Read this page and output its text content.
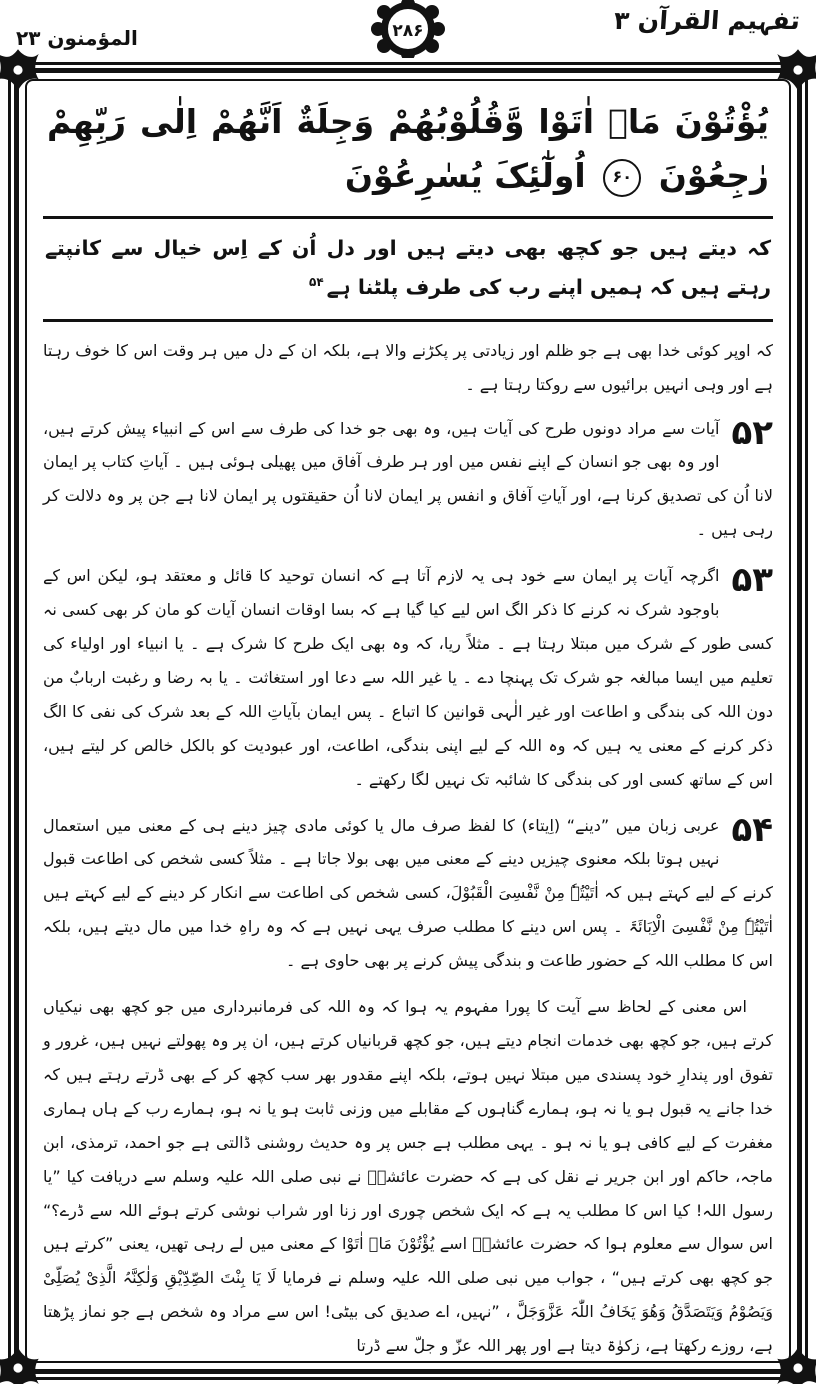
تفہیم القرآن ۳
۲۸۶
المؤمنون ۲۳
یُؤْتُوْنَ مَاۤ اٰتَوْا وَّقُلُوْبُهُمْ وَجِلَةٌ اَنَّهُمْ اِلٰی رَبِّهِمْ رٰجِعُوْنَ ۶۰ اُولٰٓئِکَ یُسٰرِعُوْنَ
کہ دیتے ہیں جو کچھ بھی دیتے ہیں اور دل اُن کے اِس خیال سے کانپتے رہتے ہیں کہ ہمیں اپنے رب کی طرف پلٹنا ہے$^{۵۴}$

کہ اوپر کوئی خدا بھی ہے جو ظلم اور زیادتی پر پکڑنے والا ہے، بلکہ ان کے دل میں ہر وقت اس کا خوف رہتا ہے اور وہی انہیں برائیوں سے روکتا رہتا ہے ۔

۵۲
آیات سے مراد دونوں طرح کی آیات ہیں، وہ بھی جو خدا کی طرف سے اس کے انبیاء پیش کرتے ہیں، اور وہ بھی جو انسان کے اپنے نفس میں اور ہر طرف آفاق میں پھیلی ہوئی ہیں ۔ آیاتِ کتاب پر ایمان لانا اُن کی تصدیق کرنا ہے، اور آیاتِ آفاق و انفس پر ایمان لانا اُن حقیقتوں پر ایمان لانا ہے جن پر وہ دلالت کر رہی ہیں ۔
۵۳
اگرچہ آیات پر ایمان سے خود ہی یہ لازم آتا ہے کہ انسان توحید کا قائل و معتقد ہو، لیکن اس کے باوجود شرک نہ کرنے کا ذکر الگ اس لیے کیا گیا ہے کہ بسا اوقات انسان آیات کو مان کر بھی کسی نہ کسی طور کے شرک میں مبتلا رہتا ہے ۔ مثلاً ریا، کہ وہ بھی ایک طرح کا شرک ہے ۔ یا انبیاء اور اولیاء کی تعلیم میں ایسا مبالغہ جو شرک تک پہنچا دے ۔ یا غیر اللہ سے دعا اور استغاثت ۔ یا بہ رضا و رغبت اربابٌ من دون اللہ کی بندگی و اطاعت اور غیر الٰہی قوانین کا اتباع ۔ پس ایمان بآیاتِ اللہ کے بعد شرک کی نفی کا الگ ذکر کرنے کے معنی یہ ہیں کہ وہ اللہ کے لیے اپنی بندگی، اطاعت، اور عبودیت کو بالکل خالص کر لیتے ہیں، اس کے ساتھ کسی اور کی بندگی کا شائبہ تک نہیں لگا رکھتے ۔
۵۴
عربی زبان میں ”دینے“ (اِیتاء) کا لفظ صرف مال یا کوئی مادی چیز دینے ہی کے معنی میں استعمال نہیں ہوتا بلکہ معنوی چیزیں دینے کے معنی میں بھی بولا جاتا ہے ۔ مثلاً کسی شخص کی اطاعت قبول کرنے کے لیے کہتے ہیں کہ اٰتَیْتُہٗ مِنْ نَّفْسِیَ الْقَبُوْلَ، کسی شخص کی اطاعت سے انکار کر دینے کے لیے کہتے ہیں اٰتَیْتُہٗ مِنْ نَّفْسِیَ الْاِبَائَۃَ ۔ پس اس دینے کا مطلب صرف یہی نہیں ہے کہ وہ راہِ خدا میں مال دیتے ہیں، بلکہ اس کا مطلب اللہ کے حضور طاعت و بندگی پیش کرنے پر بھی حاوی ہے ۔

اس معنی کے لحاظ سے آیت کا پورا مفہوم یہ ہوا کہ وہ اللہ کی فرمانبرداری میں جو کچھ بھی نیکیاں کرتے ہیں، جو کچھ بھی خدمات انجام دیتے ہیں، جو کچھ قربانیاں کرتے ہیں، ان پر وہ پھولتے نہیں ہیں، غرور و تفوق اور پندارِ خود پسندی میں مبتلا نہیں ہوتے، بلکہ اپنے مقدور بھر سب کچھ کر کے بھی ڈرتے رہتے ہیں کہ خدا جانے یہ قبول ہو یا نہ ہو، ہمارے گناہوں کے مقابلے میں وزنی ثابت ہو یا نہ ہو، ہمارے رب کے ہاں ہماری مغفرت کے لیے کافی ہو یا نہ ہو ۔ یہی مطلب ہے جس پر وہ حدیث روشنی ڈالتی ہے جو احمد، ترمذی، ابن ماجہ، حاکم اور ابن جریر نے نقل کی ہے کہ حضرت عائشہؓ نے نبی صلی اللہ علیہ وسلم سے دریافت کیا ”یا رسول اللہ! کیا اس کا مطلب یہ ہے کہ ایک شخص چوری اور زنا اور شراب نوشی کرتے ہوئے اللہ سے ڈرے؟“ اس سوال سے معلوم ہوا کہ حضرت عائشہؓ اسے یُؤْتُوْنَ مَاۤ اٰتَوْا کے معنی میں لے رہی تھیں، یعنی ”کرتے ہیں جو کچھ بھی کرتے ہیں“ ، جواب میں نبی صلی اللہ علیہ وسلم نے فرمایا لَا یَا بِنْتَ الصِّدِّیْقِ وَلٰکِنَّہُ الَّذِیْ یُصَلِّیْ وَیَصُوْمُ وَیَتَصَدَّقُ وَھُوَ یَخَافُ اللّٰہَ عَزَّوَجَلَّ ، ”نہیں، اے صدیق کی بیٹی! اس سے مراد وہ شخص ہے جو نماز پڑھتا ہے، روزے رکھتا ہے، زکوٰۃ دیتا ہے اور پھر اللہ عزّ و جلّ سے ڈرتا
